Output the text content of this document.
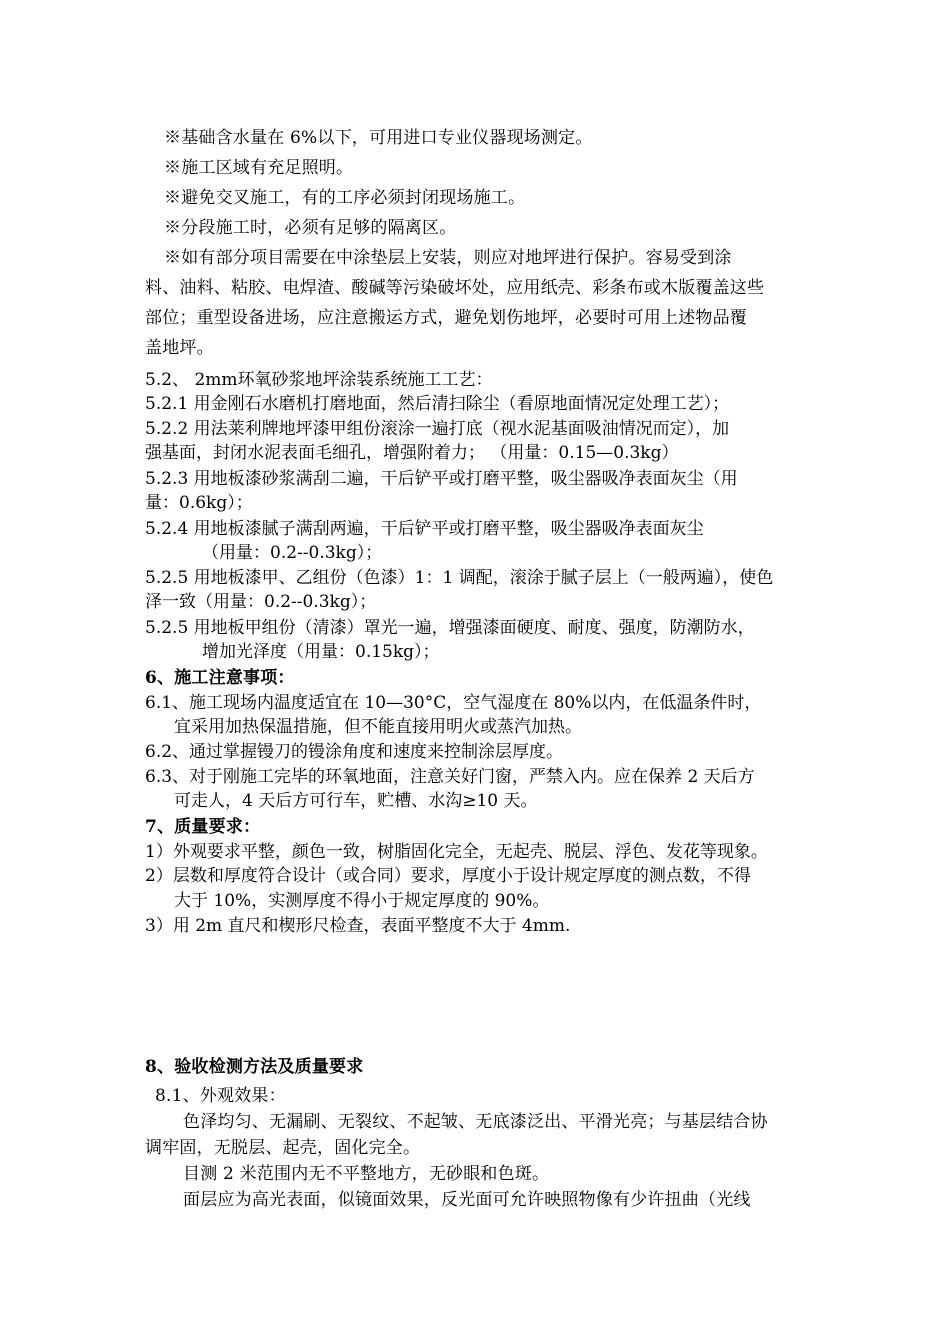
※基础含水量在 6%以下，可用进口专业仪器现场测定。
※施工区域有充足照明。
※避免交叉施工，有的工序必须封闭现场施工。
※分段施工时，必须有足够的隔离区。
※如有部分项目需要在中涂垫层上安装，则应对地坪进行保护。容易受到涂
料、油料、粘胶、电焊渣、酸碱等污染破坏处，应用纸壳、彩条布或木版覆盖这些
部位；重型设备进场，应注意搬运方式，避免划伤地坪，必要时可用上述物品覆
盖地坪。
5.2、 2mm环氧砂浆地坪涂装系统施工工艺：
5.2.1 用金刚石水磨机打磨地面，然后清扫除尘（看原地面情况定处理工艺）；
5.2.2 用法莱利牌地坪漆甲组份滚涂一遍打底（视水泥基面吸油情况而定），加
强基面，封闭水泥表面毛细孔，增强附着力； （用量：0.15—0.3kg）
5.2.3 用地板漆砂浆满刮二遍，干后铲平或打磨平整，吸尘器吸净表面灰尘（用
量：0.6kg）；
5.2.4 用地板漆腻子满刮两遍，干后铲平或打磨平整，吸尘器吸净表面灰尘
（用量：0.2--0.3kg）；
5.2.5 用地板漆甲、乙组份（色漆）1：1 调配，滚涂于腻子层上（一般两遍），使色
泽一致（用量：0.2--0.3kg）；
5.2.5 用地板甲组份（清漆）罩光一遍，增强漆面硬度、耐度、强度，防潮防水，
增加光泽度（用量：0.15kg）；
6、施工注意事项：
6.1、施工现场内温度适宜在 10—30°C，空气湿度在 80%以内，在低温条件时，
宜采用加热保温措施，但不能直接用明火或蒸汽加热。
6.2、通过掌握镘刀的镘涂角度和速度来控制涂层厚度。
6.3、对于刚施工完毕的环氧地面，注意关好门窗，严禁入内。应在保养 2 天后方
可走人，4 天后方可行车，贮槽、水沟≥10 天。
7、质量要求：
1）外观要求平整，颜色一致，树脂固化完全，无起壳、脱层、浮色、发花等现象。
2）层数和厚度符合设计（或合同）要求，厚度小于设计规定厚度的测点数，不得
大于 10%，实测厚度不得小于规定厚度的 90%。
3）用 2m 直尺和楔形尺检查，表面平整度不大于 4mm.
8、验收检测方法及质量要求
8.1、外观效果：
色泽均匀、无漏刷、无裂纹、不起皱、无底漆泛出、平滑光亮；与基层结合协
调牢固，无脱层、起壳，固化完全。
目测 2 米范围内无不平整地方，无砂眼和色斑。
面层应为高光表面，似镜面效果，反光面可允许映照物像有少许扭曲（光线
